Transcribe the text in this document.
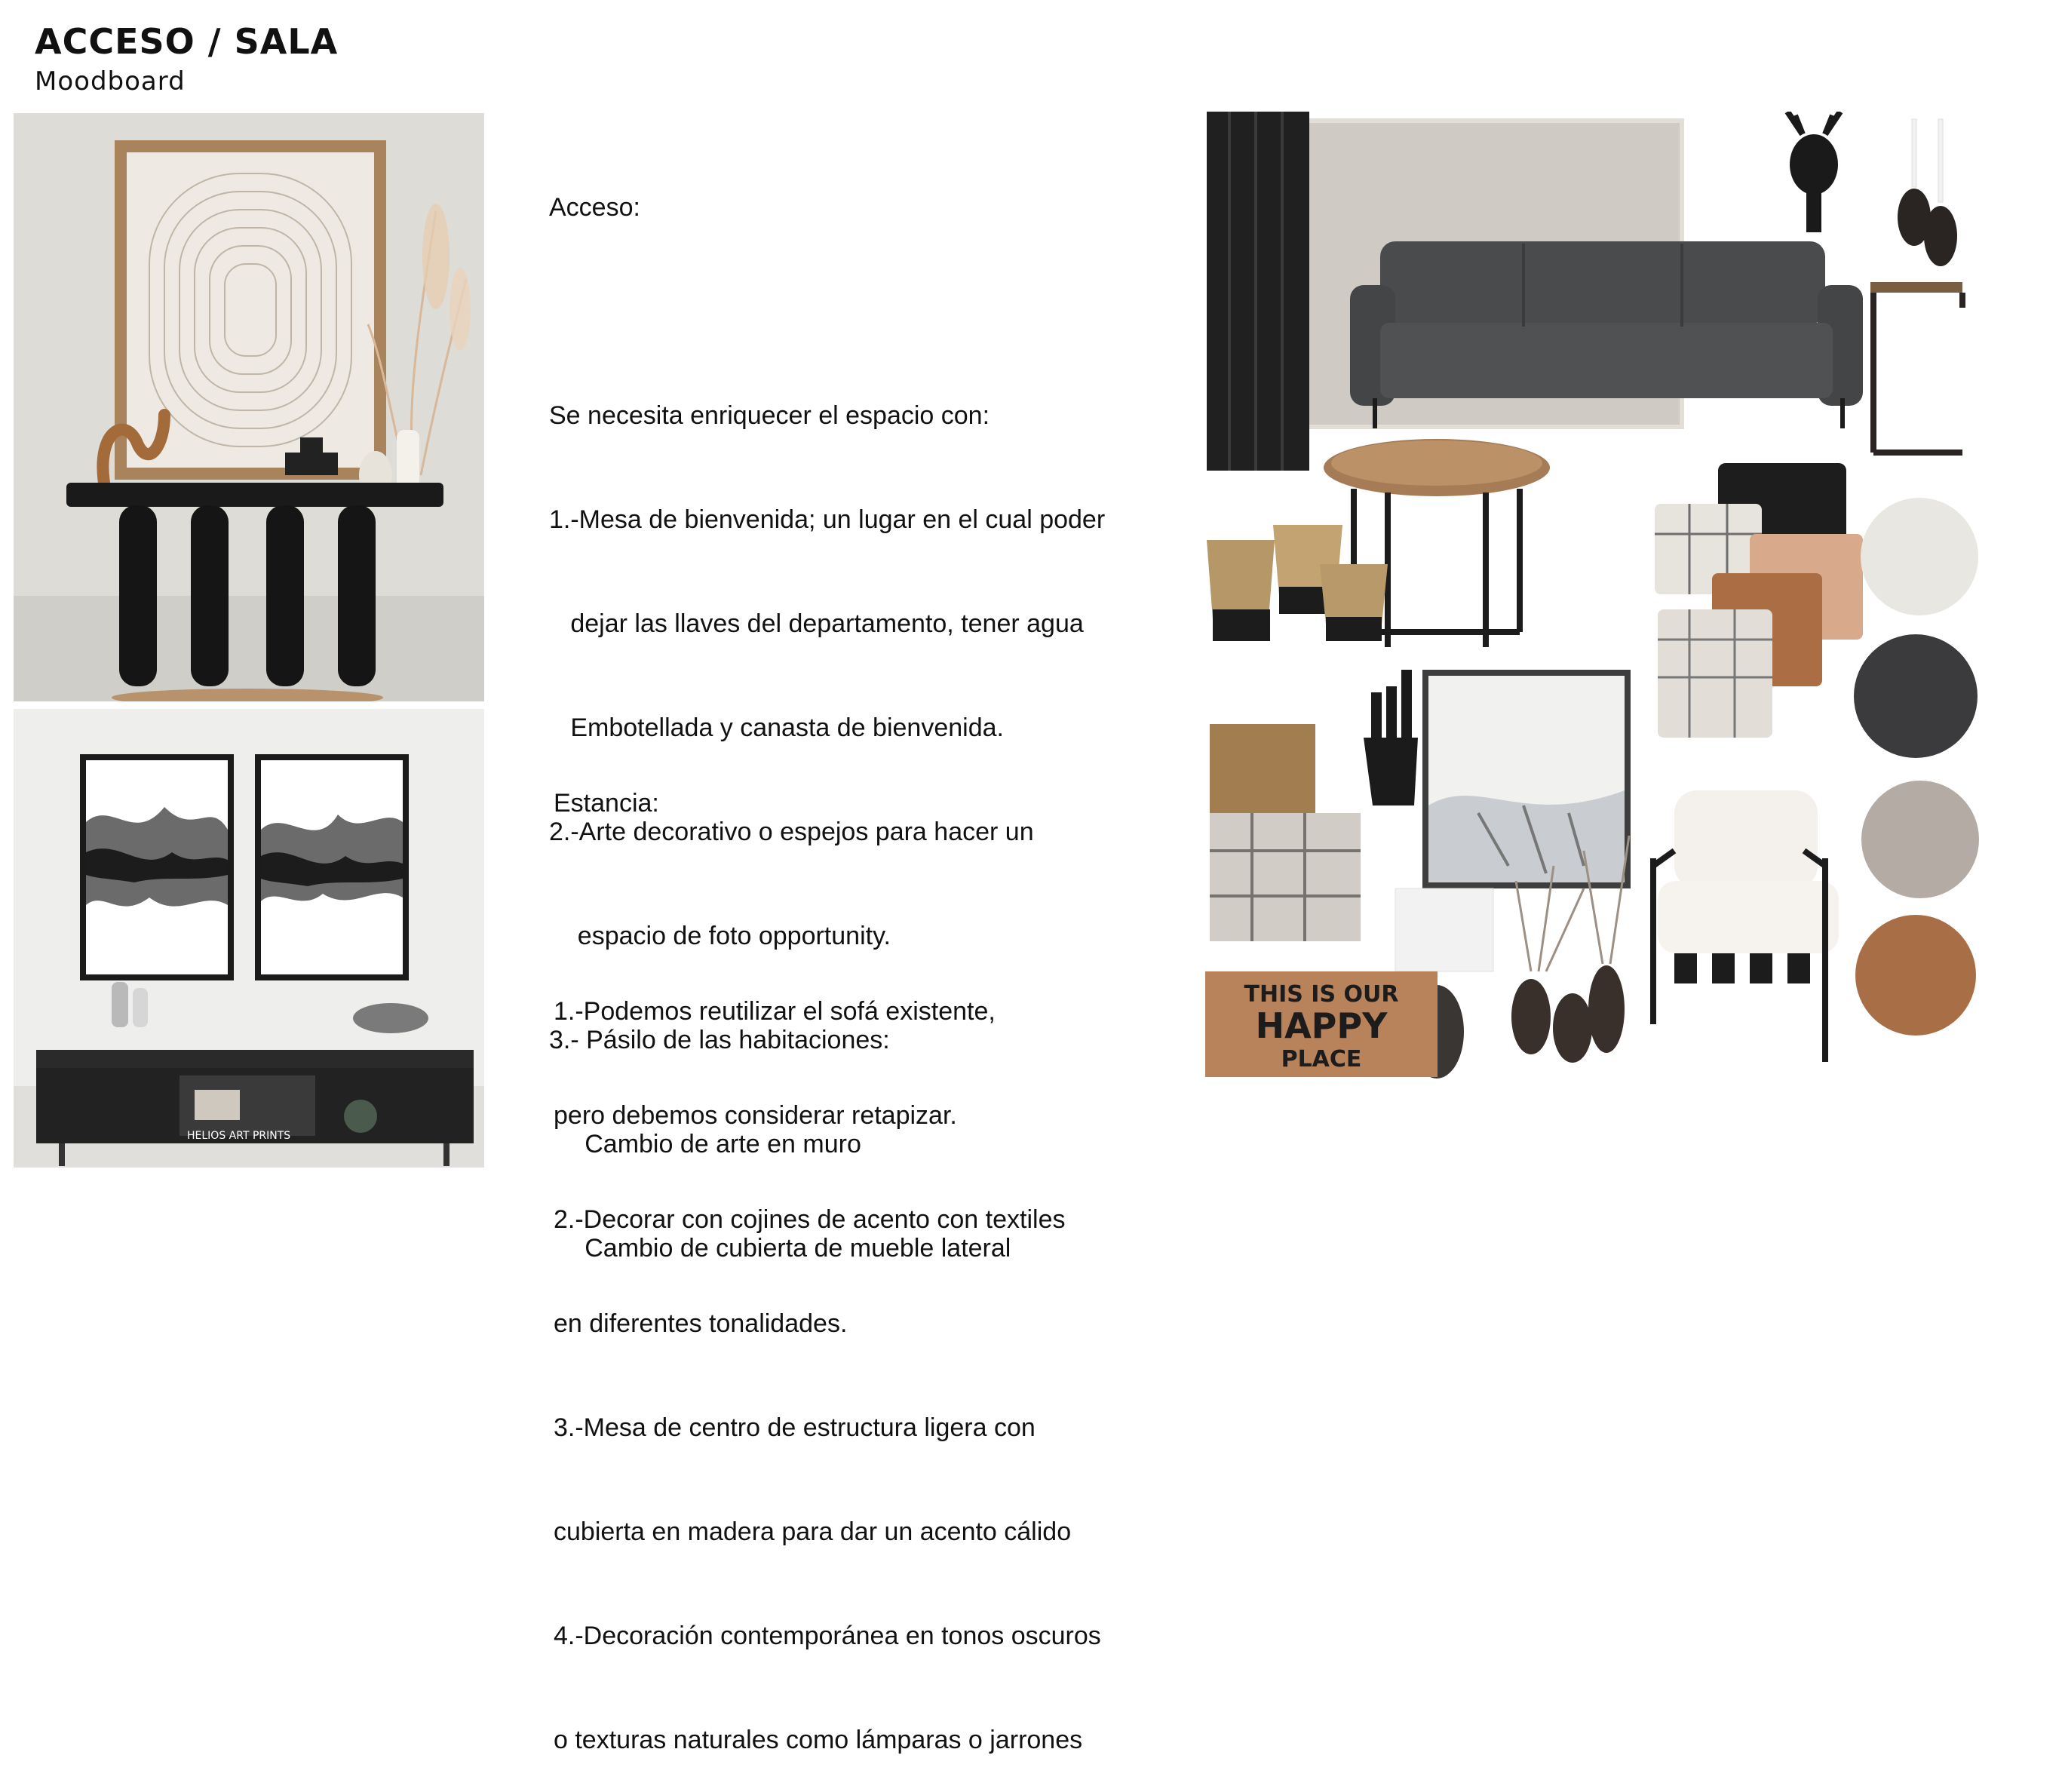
ACCESO / SALA
Moodboard
HELIOS ART PRINTS

Acceso:

Se necesita enriquecer el espacio con:

1.-Mesa de bienvenida; un lugar en el cual poder

dejar las llaves del departamento, tener agua

Embotellada y canasta de bienvenida.

2.-Arte decorativo o espejos para hacer un

espacio de foto opportunity.

3.- Pásilo de las habitaciones:

Cambio de arte en muro

Cambio de cubierta de mueble lateral

Estancia:

1.-Podemos reutilizar el sofá existente,

pero debemos considerar retapizar.

2.-Decorar con cojines de acento con textiles

en diferentes tonalidades.

3.-Mesa de centro de estructura ligera con

cubierta en madera para dar un acento cálido

4.-Decoración contemporánea en tonos oscuros

o texturas naturales como lámparas o jarrones

THIS IS OUR
HAPPY
PLACE
